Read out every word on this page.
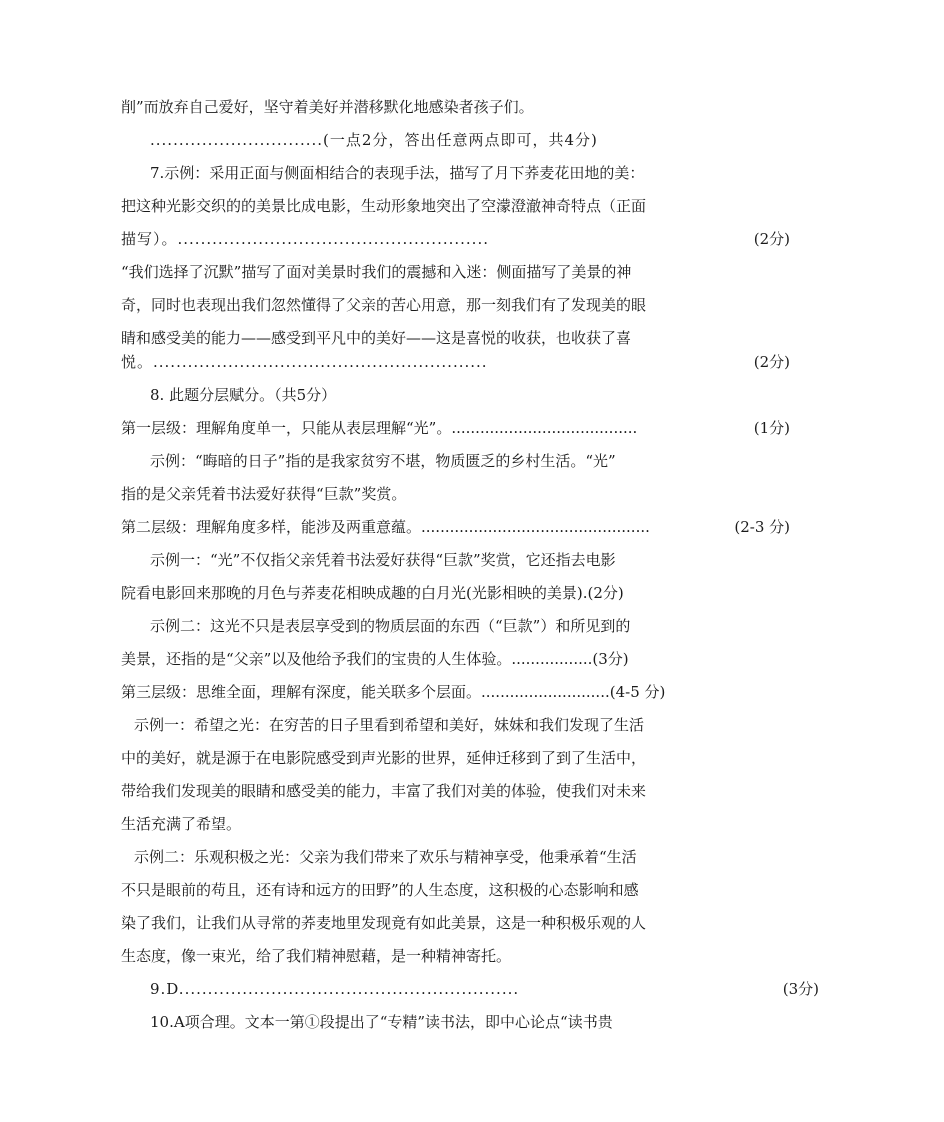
削”而放弃自己爱好，坚守着美好并潜移默化地感染者孩子们。
..............................(一点2分，答出任意两点即可，共4分)
7.示例：采用正面与侧面相结合的表现手法，描写了月下荞麦花田地的美：
把这种光影交织的的美景比成电影，生动形象地突出了空濛澄澈神奇特点（正面
描写）。......................................................	(2分)
“我们选择了沉默”描写了面对美景时我们的震撼和入迷：侧面描写了美景的神
奇，同时也表现出我们忽然懂得了父亲的苦心用意，那一刻我们有了发现美的眼
睛和感受美的能力——感受到平凡中的美好——这是喜悦的收获，也收获了喜
悦。..........................................................	(2分)
8. 此题分层赋分。（共5分）
第一层级：理解角度单一，只能从表层理解“光”。.......................................	(1分)
示例：“晦暗的日子”指的是我家贫穷不堪，物质匮乏的乡村生活。“光”
指的是父亲凭着书法爱好获得“巨款”奖赏。
第二层级：理解角度多样，能涉及两重意蕴。................................................	(2-3 分)
示例一：“光”不仅指父亲凭着书法爱好获得“巨款”奖赏，它还指去电影
院看电影回来那晚的月色与荞麦花相映成趣的白月光(光影相映的美景).(2分)
示例二：这光不只是表层享受到的物质层面的东西（“巨款”）和所见到的
美景，还指的是“父亲”以及他给予我们的宝贵的人生体验。.................(3分)
第三层级：思维全面，理解有深度，能关联多个层面。...........................(4-5 分)
示例一：希望之光：在穷苦的日子里看到希望和美好，妹妹和我们发现了生活
中的美好，就是源于在电影院感受到声光影的世界，延伸迁移到了到了生活中，
带给我们发现美的眼睛和感受美的能力，丰富了我们对美的体验，使我们对未来
生活充满了希望。
示例二：乐观积极之光：父亲为我们带来了欢乐与精神享受，他秉承着“生活
不只是眼前的苟且，还有诗和远方的田野”的人生态度，这积极的心态影响和感
染了我们，让我们从寻常的荞麦地里发现竟有如此美景，这是一种积极乐观的人
生态度，像一束光，给了我们精神慰藉，是一种精神寄托。
9.D...........................................................	(3分)
10.A项合理。文本一第①段提出了“专精”读书法，即中心论点“读书贵
